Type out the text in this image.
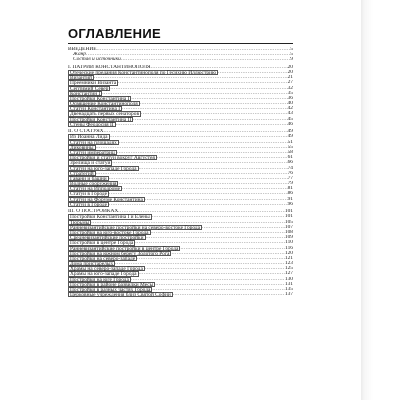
ОГЛАВЛЕНИЕ
ВВЕДЕНИЕ .....	5
Жанр .....	5
Состав и источники .....	9
I. ПАТРИИ КОНСТАНТИНОПОЛЯ .....	20
Отеческие предания Константинополя по Гесихию Иллюстрию .....	20
Византий .....	21
Преемники Византа .....	27
Септимий Север .....	32
Константин I .....	35
Постройки Константина I .....	36
Освящение Константинополя .....	40
Статуи Константина I .....	42
Двенадцать первых сенаторов .....	43
Постройки Константина II .....	45
Стены Феодосия II .....	46
II. О СТАТУЯХ .....	49
Из Иоанна Лида .....	49
Статуи на площадях .....	51
Диковины .....	55
Статуи императриц .....	58
Постройки и статуи вокруг Августея .....	61
Зрелища и статуи .....	66
Статуи на юго-западе Города .....	74
Стратегий .....	76
Гавани и башни .....	77
Водные сооружения .....	79
Статуи на Ипподроме .....	81
Статуи в Городе .....	86
Статуи на Форуме Константина .....	91
Статуи в Городе .....	96
III. О ПОСТРОЙКАХ .....	101
Постройки Константина I и Елены .....	101
Тюрьмы .....	105
Ранневизантийские постройки на северо-востоке Города .....	107
Постройки на юго-востоке Города .....	108
Средневизантийские постройки .....	109
Постройки в центре Города .....	110
Ранневизантийские постройки в центре Города .....	116
Постройки на южном берегу Золотого Рога .....	120
Постройки на северо-западе .....	121
Дома пристарелых .....	123
Храмы на северо-западе Города .....	125
Храмы на юго-западе Города .....	127
Постройки на юге Города .....	130
Постройки в районе развилки Месы .....	131
Постройки в разных частях Города .....	135
Церковные учреждения близ Святой Софии .....	137
